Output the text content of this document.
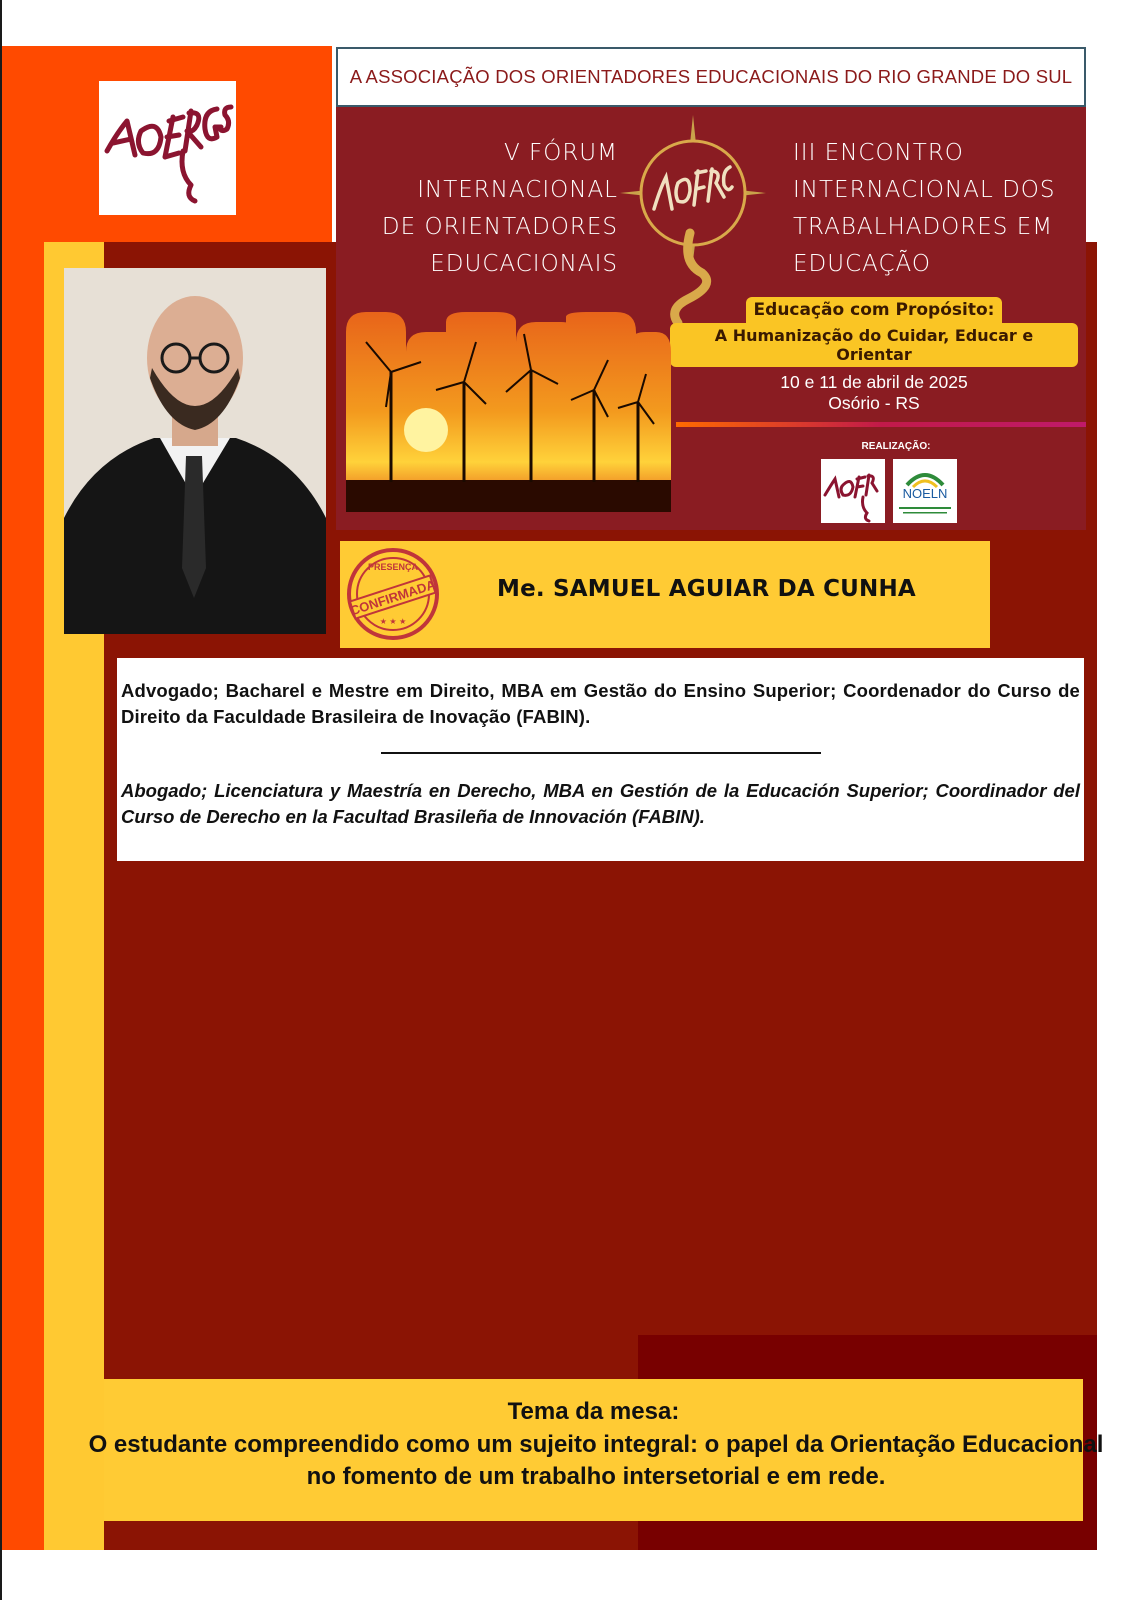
A ASSOCIAÇÃO DOS ORIENTADORES EDUCACIONAIS DO RIO GRANDE DO SUL
V FÓRUM
INTERNACIONAL
DE ORIENTADORES
EDUCACIONAIS
III ENCONTRO
INTERNACIONAL DOS
TRABALHADORES EM
EDUCAÇÃO
Educação com Propósito:
A Humanização do Cuidar, Educar e Orientar
10 e 11 de abril de 2025
Osório - RS
REALIZAÇÃO:
NOELN
Me. SAMUEL AGUIAR DA CUNHA
PRESENÇA
CONFIRMADA
★ ★ ★
Advogado; Bacharel e Mestre em Direito, MBA em Gestão do Ensino Superior; Coordenador do Curso de Direito da Faculdade Brasileira de Inovação (FABIN).
Abogado; Licenciatura y Maestría en Derecho, MBA en Gestión de la Educación Superior; Coordinador del Curso de Derecho en la Facultad Brasileña de Innovación (FABIN).
Tema da mesa:
O estudante compreendido como um sujeito integral: o papel da Orientação Educacional no fomento de um trabalho intersetorial e em rede.
